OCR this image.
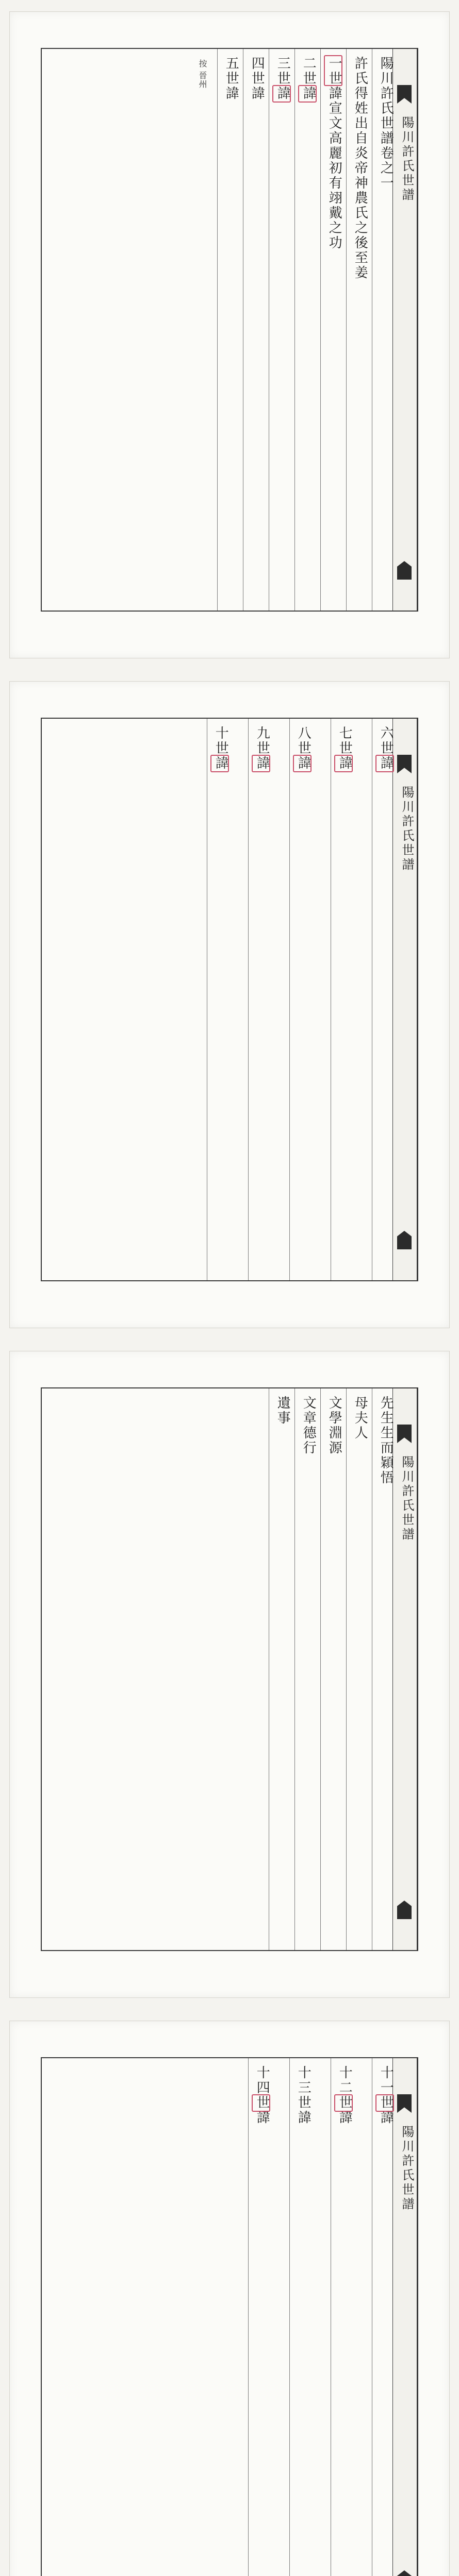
陽川許氏世譜
陽川許氏世譜卷之一
許氏得姓出自炎帝神農氏之後至姜
一世諱宣文高麗初有翊戴之功
二世諱
三世諱
四世諱
五世諱
按 晉州
陽川許氏世譜
六世諱
七世諱
八世諱
九世諱
十世諱
陽川許氏世譜
先生生而穎悟
母夫人
文學淵源
文章德行
遺事
陽川許氏世譜
十一世諱
十二世諱
十三世諱
十四世諱
